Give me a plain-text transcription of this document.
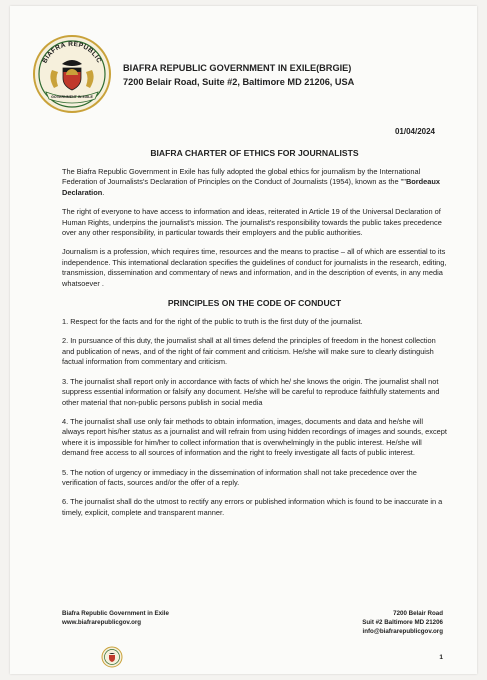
BIAFRA REPUBLIC
GOVERNMENT IN EXILE
BIAFRA REPUBLIC GOVERNMENT IN EXILE(BRGIE)
7200 Belair Road, Suite #2, Baltimore MD 21206, USA
01/04/2024
BIAFRA CHARTER OF ETHICS FOR JOURNALISTS

The Biafra Republic Government in Exile has fully adopted the global ethics for journalism by the International Federation of Journalists's Declaration of Principles on the Conduct of Journalists (1954), known as the ""Bordeaux Declaration.

The right of everyone to have access to information and ideas, reiterated in Article 19 of the Universal Declaration of Human Rights, underpins the journalist's mission. The journalist's responsibility towards the public takes precedence over any other responsibility, in particular towards their employers and the public authorities.

Journalism is a profession, which requires time, resources and the means to practise – all of which are essential to its independence. This international declaration specifies the guidelines of conduct for journalists in the research, editing, transmission, dissemination and commentary of news and information, and in the description of events, in any media whatsoever .

PRINCIPLES ON THE CODE OF CONDUCT

1. Respect for the facts and for the right of the public to truth is the first duty of the journalist.

2. In pursuance of this duty, the journalist shall at all times defend the principles of freedom in the honest collection and publication of news, and of the right of fair comment and criticism. He/she will make sure to clearly distinguish factual information from commentary and criticism.

3. The journalist shall report only in accordance with facts of which he/ she knows the origin. The journalist shall not suppress essential information or falsify any document. He/she will be careful to reproduce faithfully statements and other material that non-public persons publish in social media

4. The journalist shall use only fair methods to obtain information, images, documents and data and he/she will always report his/her status as a journalist and will refrain from using hidden recordings of images and sounds, except where it is impossible for him/her to collect information that is overwhelmingly in the public interest. He/she will demand free access to all sources of information and the right to freely investigate all facts of public interest.

5. The notion of urgency or immediacy in the dissemination of information shall not take precedence over the verification of facts, sources and/or the offer of a reply.

6. The journalist shall do the utmost to rectify any errors or published information which is found to be inaccurate in a timely, explicit, complete and transparent manner.

Biafra Republic Government in Exile
www.biafrarepublicgov.org
7200 Belair Road
Suit #2 Baltimore MD 21206
info@biafrarepublicgov.org
1
